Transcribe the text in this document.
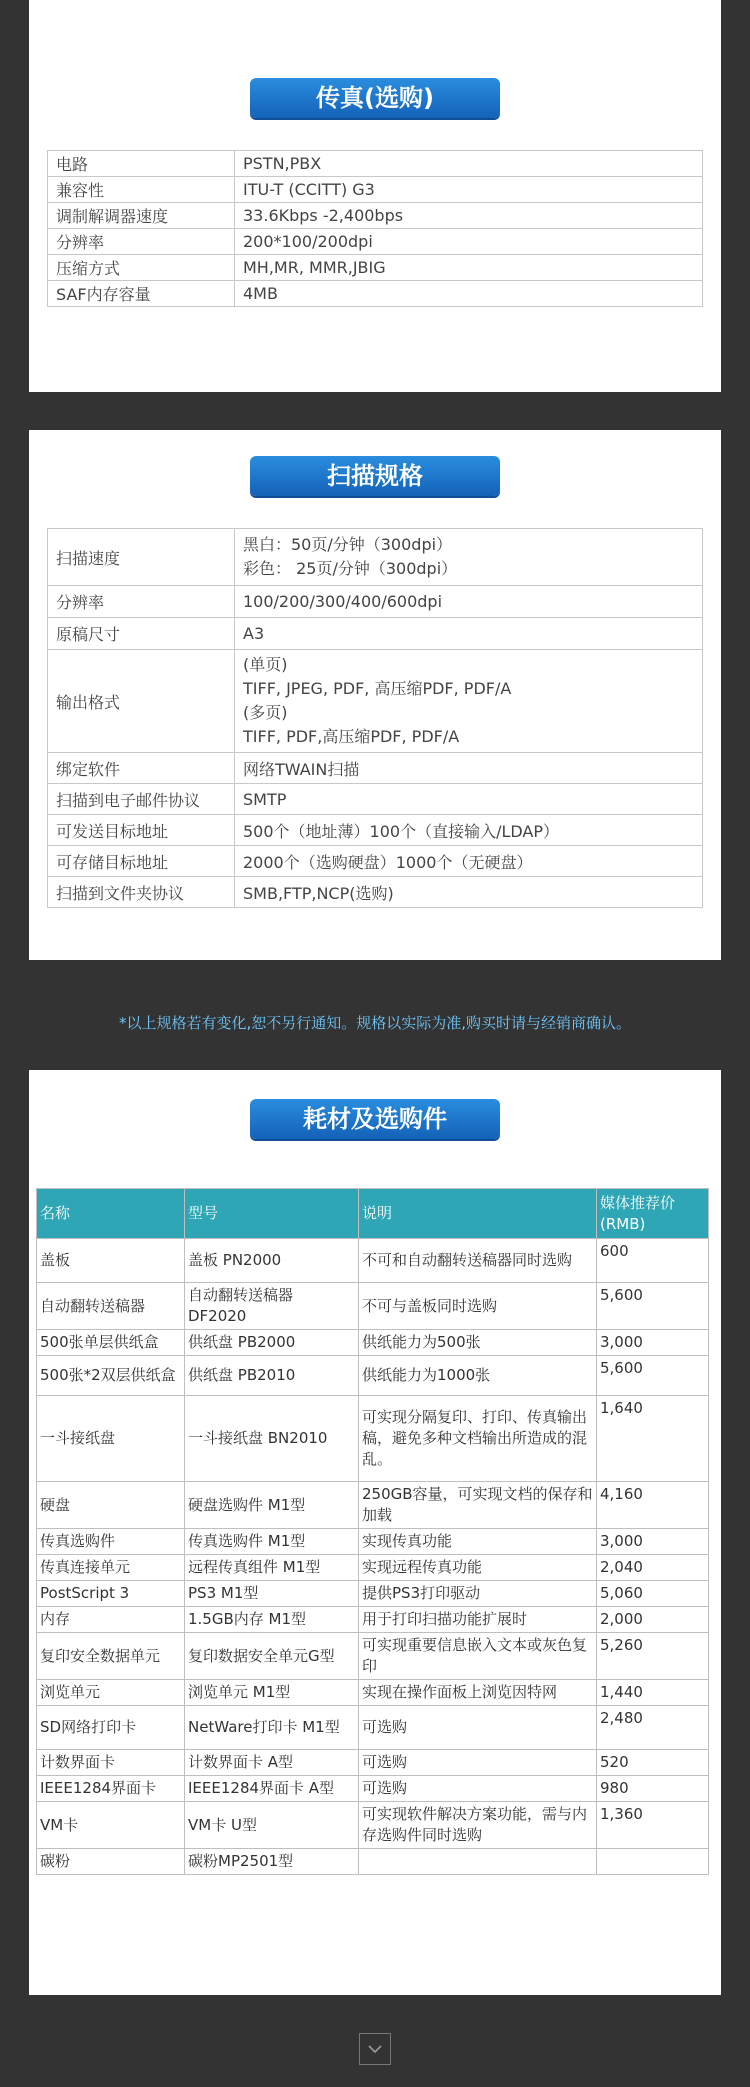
传真(选购)
电路	PSTN,PBX
兼容性	ITU-T (CCITT) G3
调制解调器速度	33.6Kbps -2,400bps
分辨率	200*100/200dpi
压缩方式	MH,MR, MMR,JBIG
SAF内存容量	4MB
扫描规格
扫描速度	黑白：50页/分钟（300dpi）
彩色： 25页/分钟（300dpi）

分辨率	100/200/300/400/600dpi
原稿尺寸	A3
输出格式	(单页)
TIFF, JPEG, PDF, 高压缩PDF, PDF/A
(多页)
TIFF, PDF,高压缩PDF, PDF/A

绑定软件	网络TWAIN扫描
扫描到电子邮件协议	SMTP
可发送目标地址	500个（地址薄）100个（直接输入/LDAP）
可存储目标地址	2000个（选购硬盘）1000个（无硬盘）
扫描到文件夹协议	SMB,FTP,NCP(选购)
*以上规格若有变化,恕不另行通知。规格以实际为准,购买时请与经销商确认。
耗材及选购件
名称	型号	说明	媒体推荐价(RMB)
盖板	盖板 PN2000	不可和自动翻转送稿器同时选购	600
自动翻转送稿器	自动翻转送稿器 DF2020	不可与盖板同时选购	5,600
500张单层供纸盒	供纸盘 PB2000	供纸能力为500张	3,000
500张*2双层供纸盒	供纸盘 PB2010	供纸能力为1000张	5,600
一斗接纸盘	一斗接纸盘 BN2010	可实现分隔复印、打印、传真输出稿，避免多种文档输出所造成的混乱。	1,640
硬盘	硬盘选购件 M1型	250GB容量，可实现文档的保存和加载	4,160
传真选购件	传真选购件 M1型	实现传真功能	3,000
传真连接单元	远程传真组件 M1型	实现远程传真功能	2,040
PostScript 3	PS3 M1型	提供PS3打印驱动	5,060
内存	1.5GB内存 M1型	用于打印扫描功能扩展时	2,000
复印安全数据单元	复印数据安全单元G型	可实现重要信息嵌入文本或灰色复印	5,260
浏览单元	浏览单元 M1型	实现在操作面板上浏览因特网	1,440
SD网络打印卡	NetWare打印卡 M1型	可选购	2,480
计数界面卡	计数界面卡 A型	可选购	520
IEEE1284界面卡	IEEE1284界面卡 A型	可选购	980
VM卡	VM卡 U型	可实现软件解决方案功能，需与内存选购件同时选购	1,360
碳粉	碳粉MP2501型		
